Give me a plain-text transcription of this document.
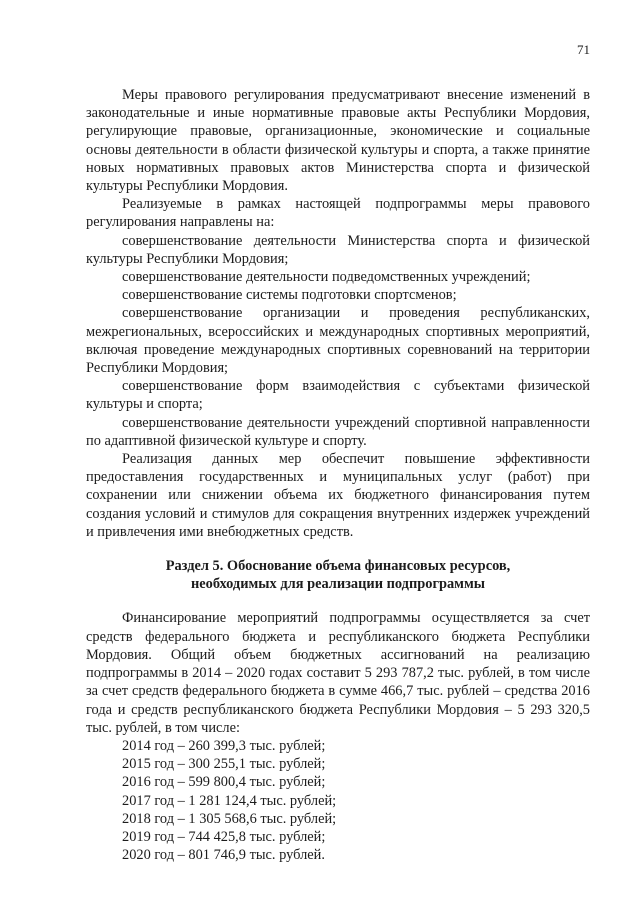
71

Меры правового регулирования предусматривают внесение изменений в законодательные и иные нормативные правовые акты Республики Мордовия, регулирующие правовые, организационные, экономические и социальные основы деятельности в области физической культуры и спорта, а также принятие новых нормативных правовых актов Министерства спорта и физической культуры Республики Мордовия.

Реализуемые в рамках настоящей подпрограммы меры правового регулирования направлены на:

совершенствование деятельности Министерства спорта и физической культуры Республики Мордовия;

совершенствование деятельности подведомственных учреждений;

совершенствование системы подготовки спортсменов;

совершенствование организации и проведения республиканских, межрегиональных, всероссийских и международных спортивных мероприятий, включая проведение международных спортивных соревнований на территории Республики Мордовия;

совершенствование форм взаимодействия с субъектами физической культуры и спорта;

совершенствование деятельности учреждений спортивной направленности по адаптивной физической культуре и спорту.

Реализация данных мер обеспечит повышение эффективности предоставления государственных и муниципальных услуг (работ) при сохранении или снижении объема их бюджетного финансирования путем создания условий и стимулов для сокращения внутренних издержек учреждений и привлечения ими внебюджетных средств.

Раздел 5. Обоснование объема финансовых ресурсов,
необходимых для реализации подпрограммы

Финансирование мероприятий подпрограммы осуществляется за счет средств федерального бюджета и республиканского бюджета Республики Мордовия. Общий объем бюджетных ассигнований на реализацию подпрограммы в 2014 – 2020 годах составит 5 293 787,2 тыс. рублей, в том числе за счет средств федерального бюджета в сумме 466,7 тыс. рублей – средства 2016 года и средств республиканского бюджета Республики Мордовия – 5 293 320,5 тыс. рублей, в том числе:

2014 год – 260 399,3 тыс. рублей;
2015 год – 300 255,1 тыс. рублей;
2016 год – 599 800,4 тыс. рублей;
2017 год – 1 281 124,4 тыс. рублей;
2018 год – 1 305 568,6 тыс. рублей;
2019 год – 744 425,8 тыс. рублей;
2020 год – 801 746,9 тыс. рублей.
